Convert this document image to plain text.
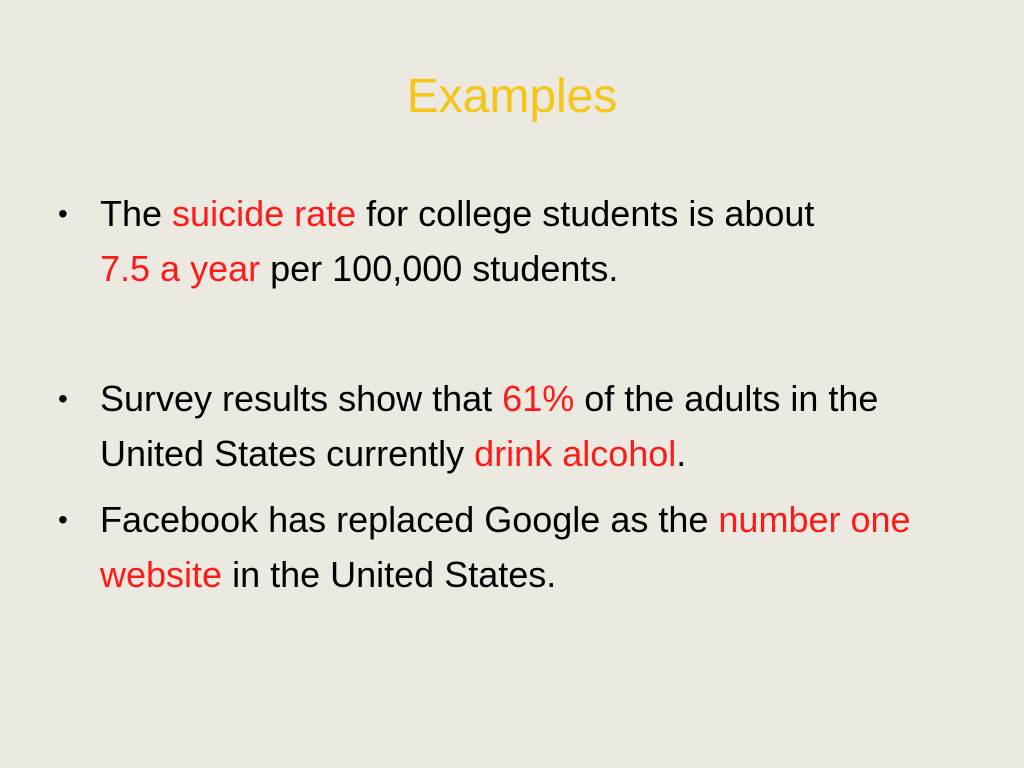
Examples
• The suicide rate for college students is about
7.5 a year per 100,000 students.
• Survey results show that 61% of the adults in the United States currently drink alcohol.
• Facebook has replaced Google as the number one website in the United States.
